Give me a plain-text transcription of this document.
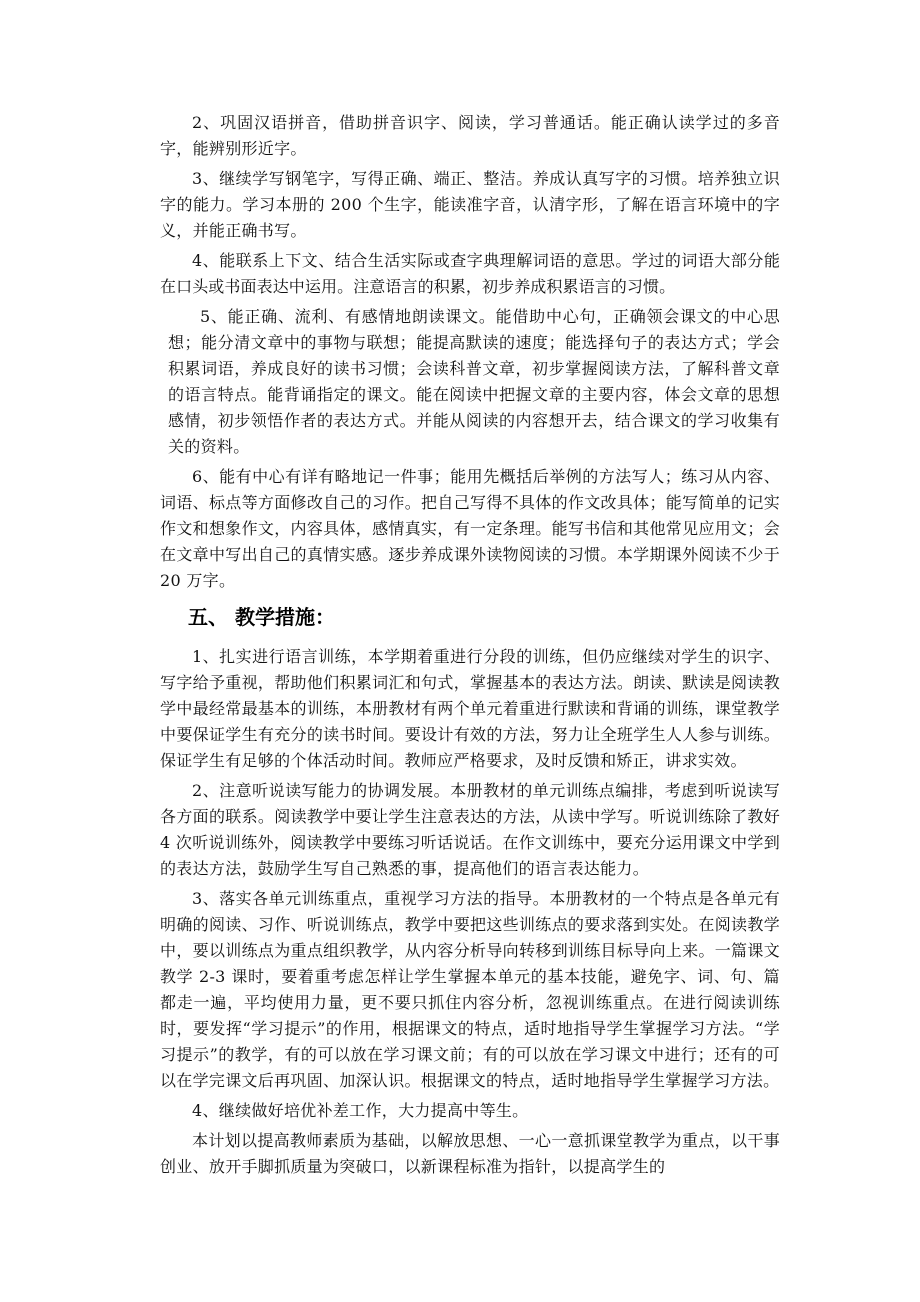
2、巩固汉语拼音，借助拼音识字、阅读，学习普通话。能正确认读学过的多音字，能辨别形近字。

3、继续学写钢笔字，写得正确、端正、整洁。养成认真写字的习惯。培养独立识字的能力。学习本册的 200 个生字，能读准字音，认清字形，了解在语言环境中的字义，并能正确书写。

4、能联系上下文、结合生活实际或查字典理解词语的意思。学过的词语大部分能在口头或书面表达中运用。注意语言的积累，初步养成积累语言的习惯。

5、能正确、流利、有感情地朗读课文。能借助中心句，正确领会课文的中心思想；能分清文章中的事物与联想；能提高默读的速度；能选择句子的表达方式；学会积累词语，养成良好的读书习惯；会读科普文章，初步掌握阅读方法，了解科普文章的语言特点。能背诵指定的课文。能在阅读中把握文章的主要内容，体会文章的思想感情，初步领悟作者的表达方式。并能从阅读的内容想开去，结合课文的学习收集有关的资料。

6、能有中心有详有略地记一件事；能用先概括后举例的方法写人；练习从内容、词语、标点等方面修改自己的习作。把自己写得不具体的作文改具体；能写简单的记实作文和想象作文，内容具体，感情真实，有一定条理。能写书信和其他常见应用文；会在文章中写出自己的真情实感。逐步养成课外读物阅读的习惯。本学期课外阅读不少于 20 万字。

五、 教学措施：

1、扎实进行语言训练，本学期着重进行分段的训练，但仍应继续对学生的识字、写字给予重视，帮助他们积累词汇和句式，掌握基本的表达方法。朗读、默读是阅读教学中最经常最基本的训练，本册教材有两个单元着重进行默读和背诵的训练，课堂教学中要保证学生有充分的读书时间。要设计有效的方法，努力让全班学生人人参与训练。保证学生有足够的个体活动时间。教师应严格要求，及时反馈和矫正，讲求实效。

2、注意听说读写能力的协调发展。本册教材的单元训练点编排，考虑到听说读写各方面的联系。阅读教学中要让学生注意表达的方法，从读中学写。听说训练除了教好 4 次听说训练外，阅读教学中要练习听话说话。在作文训练中，要充分运用课文中学到的表达方法，鼓励学生写自己熟悉的事，提高他们的语言表达能力。

3、落实各单元训练重点，重视学习方法的指导。本册教材的一个特点是各单元有明确的阅读、习作、听说训练点，教学中要把这些训练点的要求落到实处。在阅读教学中，要以训练点为重点组织教学，从内容分析导向转移到训练目标导向上来。一篇课文教学 2-3 课时，要着重考虑怎样让学生掌握本单元的基本技能，避免字、词、句、篇都走一遍，平均使用力量，更不要只抓住内容分析，忽视训练重点。在进行阅读训练时，要发挥“学习提示”的作用，根据课文的特点，适时地指导学生掌握学习方法。“学习提示”的教学，有的可以放在学习课文前；有的可以放在学习课文中进行；还有的可以在学完课文后再巩固、加深认识。根据课文的特点，适时地指导学生掌握学习方法。

4、继续做好培优补差工作，大力提高中等生。

本计划以提高教师素质为基础，以解放思想、一心一意抓课堂教学为重点，以干事创业、放开手脚抓质量为突破口，以新课程标准为指针，以提高学生的
